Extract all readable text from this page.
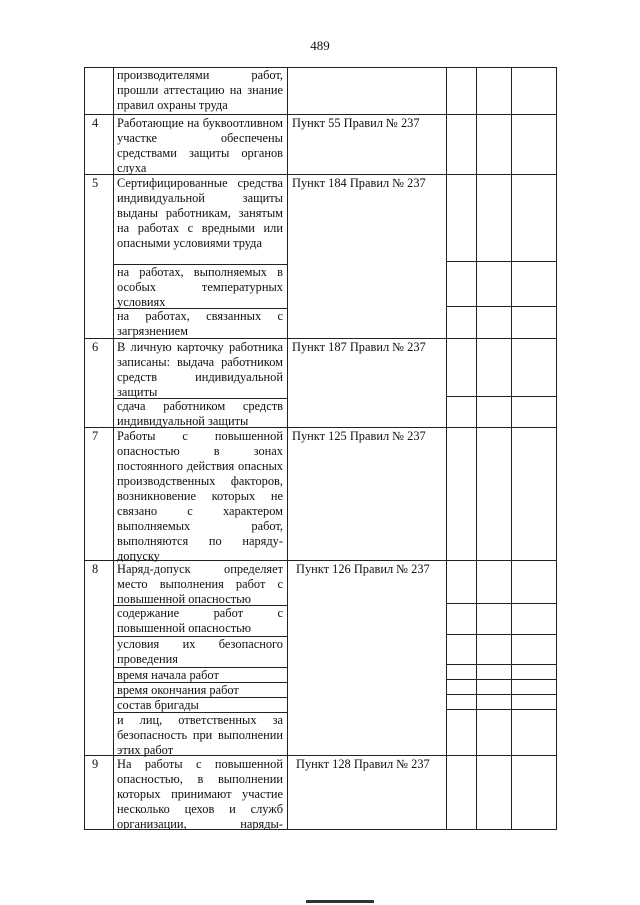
489
производителями работ, прошли аттестацию на знание правил охраны труда
4 Работающие на буквоотливном участке обеспечены средствами защиты органов слуха
Пункт 55 Правил № 237
5 Сертифицированные средства индивидуальной защиты выданы работникам, занятым на работах с вредными или опасными условиями труда
на работах, выполняемых в особых температурных условиях
на работах, связанных с загрязнением
Пункт 184 Правил № 237
6 В личную карточку работника записаны: выдача работником средств индивидуальной защиты
сдача работником средств индивидуальной защиты
Пункт 187 Правил № 237
7 Работы с повышенной опасностью в зонах постоянного действия опасных производственных факторов, возникновение которых не связано с характером выполняемых работ, выполняются по наряду-допуску
Пункт 125 Правил № 237
8 Наряд-допуск определяет место выполнения работ с повышенной опасностью
содержание работ с повышенной опасностью
условия их безопасного проведения
время начала работ
время окончания работ
состав бригады
и лиц, ответственных за безопасность при выполнении этих работ
Пункт 126 Правил № 237
9 На работы с повышенной опасностью, в выполнении которых принимают участие несколько цехов и служб организации, наряды-
Пункт 128 Правил № 237
